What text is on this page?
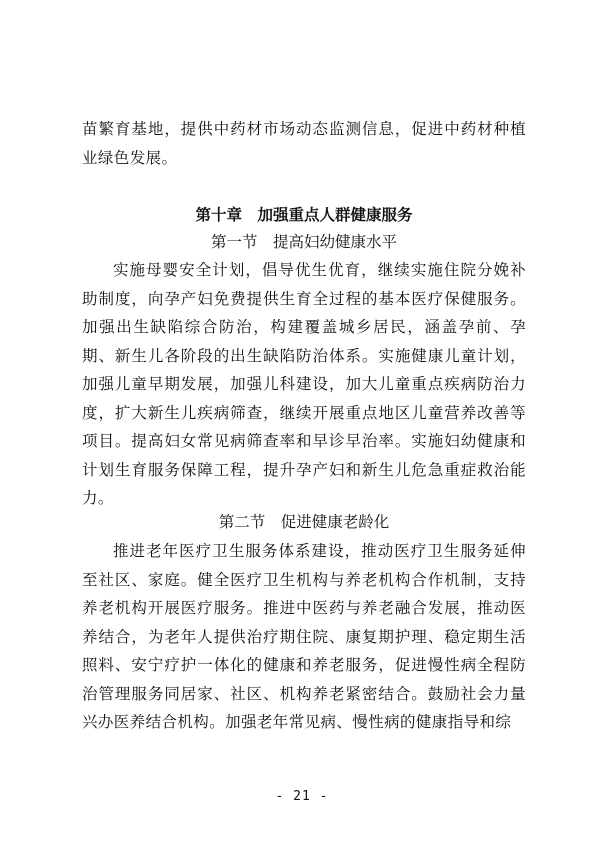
苗繁育基地，提供中药材市场动态监测信息，促进中药材种植业绿色发展。

第十章　加强重点人群健康服务
第一节　提高妇幼健康水平

实施母婴安全计划，倡导优生优育，继续实施住院分娩补助制度，向孕产妇免费提供生育全过程的基本医疗保健服务。加强出生缺陷综合防治，构建覆盖城乡居民，涵盖孕前、孕期、新生儿各阶段的出生缺陷防治体系。实施健康儿童计划，加强儿童早期发展，加强儿科建设，加大儿童重点疾病防治力度，扩大新生儿疾病筛查，继续开展重点地区儿童营养改善等项目。提高妇女常见病筛查率和早诊早治率。实施妇幼健康和计划生育服务保障工程，提升孕产妇和新生儿危急重症救治能力。

第二节　促进健康老龄化

推进老年医疗卫生服务体系建设，推动医疗卫生服务延伸至社区、家庭。健全医疗卫生机构与养老机构合作机制，支持养老机构开展医疗服务。推进中医药与养老融合发展，推动医养结合，为老年人提供治疗期住院、康复期护理、稳定期生活照料、安宁疗护一体化的健康和养老服务，促进慢性病全程防治管理服务同居家、社区、机构养老紧密结合。鼓励社会力量兴办医养结合机构。加强老年常见病、慢性病的健康指导和综

- 21 -
